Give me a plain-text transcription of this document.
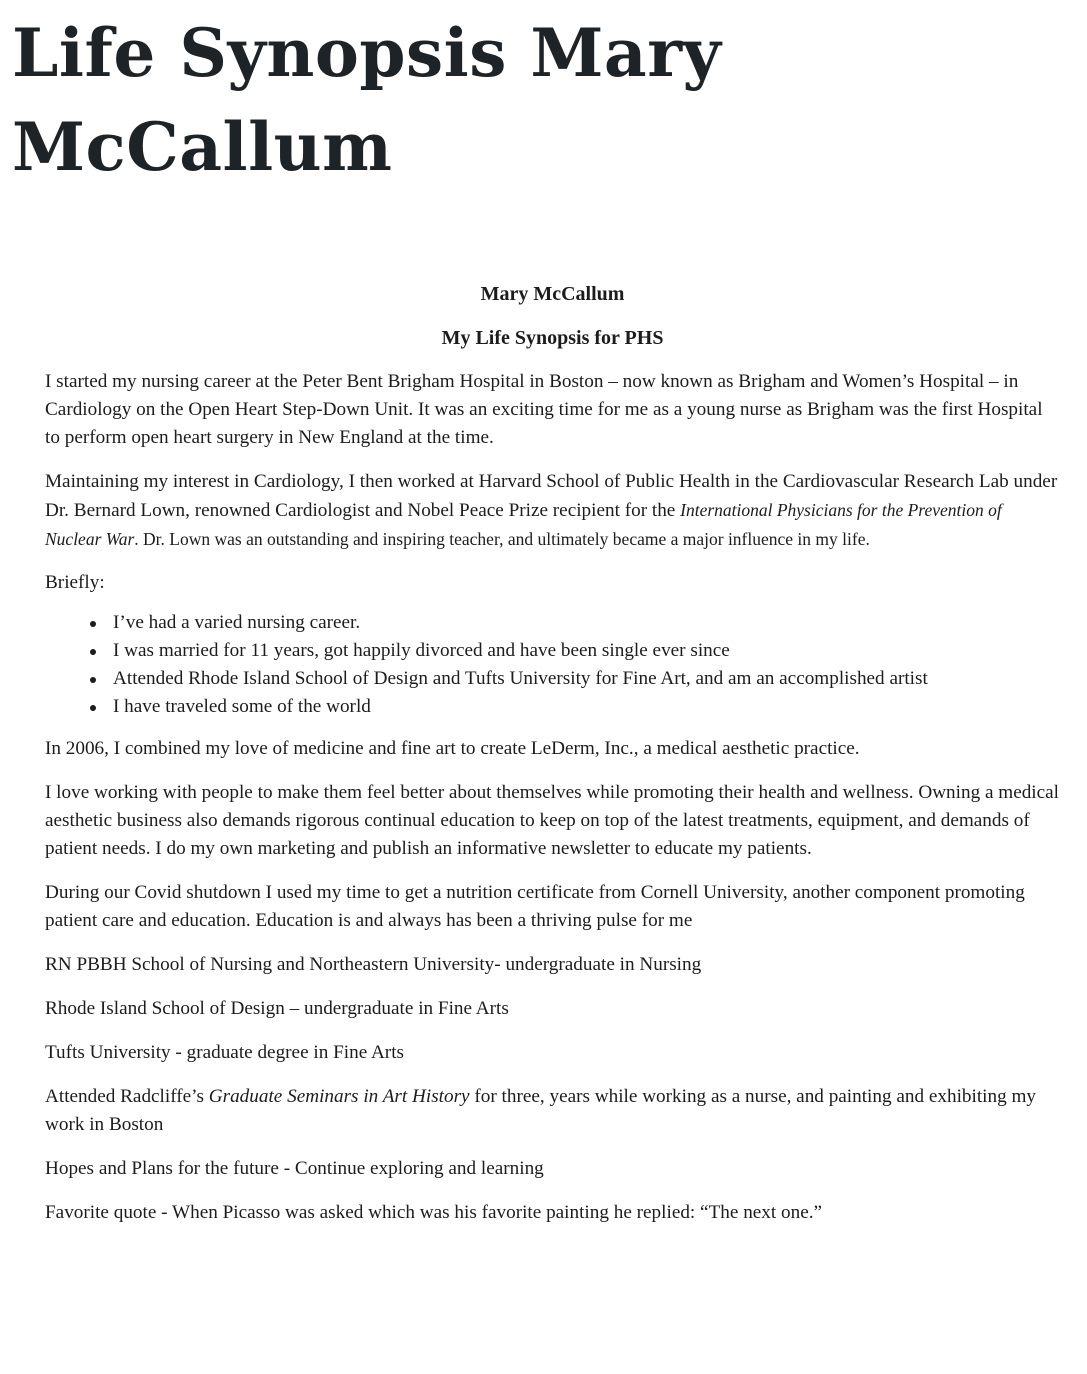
Life Synopsis Mary McCallum

Mary McCallum

My Life Synopsis for PHS

I started my nursing career at the Peter Bent Brigham Hospital in Boston – now known as Brigham and Women’s Hospital – in Cardiology on the Open Heart Step-Down Unit. It was an exciting time for me as a young nurse as Brigham was the first Hospital to perform open heart surgery in New England at the time.

Maintaining my interest in Cardiology, I then worked at Harvard School of Public Health in the Cardiovascular Research Lab under Dr. Bernard Lown, renowned Cardiologist and Nobel Peace Prize recipient for the International Physicians for the Prevention of Nuclear War. Dr. Lown was an outstanding and inspiring teacher, and ultimately became a major influence in my life.

Briefly:

I’ve had a varied nursing career.
I was married for 11 years, got happily divorced and have been single ever since
Attended Rhode Island School of Design and Tufts University for Fine Art, and am an accomplished artist
I have traveled some of the world

In 2006, I combined my love of medicine and fine art to create LeDerm, Inc., a medical aesthetic practice.

I love working with people to make them feel better about themselves while promoting their health and wellness. Owning a medical aesthetic business also demands rigorous continual education to keep on top of the latest treatments, equipment, and demands of patient needs. I do my own marketing and publish an informative newsletter to educate my patients.

During our Covid shutdown I used my time to get a nutrition certificate from Cornell University, another component promoting patient care and education. Education is and always has been a thriving pulse for me

RN PBBH School of Nursing and Northeastern University- undergraduate in Nursing

Rhode Island School of Design – undergraduate in Fine Arts

Tufts University - graduate degree in Fine Arts

Attended Radcliffe’s Graduate Seminars in Art History for three, years while working as a nurse, and painting and exhibiting my work in Boston

Hopes and Plans for the future - Continue exploring and learning

Favorite quote - When Picasso was asked which was his favorite painting he replied: “The next one.”
